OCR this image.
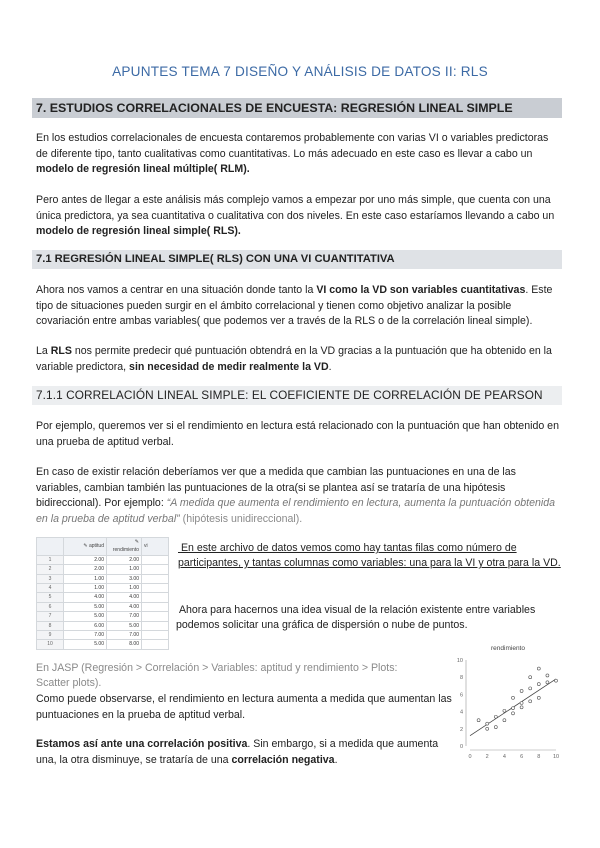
APUNTES TEMA 7 DISEÑO Y ANÁLISIS DE DATOS II: RLS
7. ESTUDIOS CORRELACIONALES DE ENCUESTA: REGRESIÓN LINEAL SIMPLE
En los estudios correlacionales de encuesta contaremos probablemente con varias VI o variables predictoras de diferente tipo, tanto cualitativas como cuantitativas. Lo más adecuado en este caso es llevar a cabo un modelo de regresión lineal múltiple( RLM).
Pero antes de llegar a este análisis más complejo vamos a empezar por uno más simple, que cuenta con una única predictora, ya sea cuantitativa o cualitativa con dos niveles. En este caso estaríamos llevando a cabo un modelo de regresión lineal simple( RLS).
7.1 REGRESIÓN LINEAL SIMPLE( RLS) CON UNA VI CUANTITATIVA
Ahora nos vamos a centrar en una situación donde tanto la VI como la VD son variables cuantitativas. Este tipo de situaciones pueden surgir en el ámbito correlacional y tienen como objetivo analizar la posible covariación entre ambas variables( que podemos ver a través de la RLS o de la correlación lineal simple).
La RLS nos permite predecir qué puntuación obtendrá en la VD gracias a la puntuación que ha obtenido en la variable predictora, sin necesidad de medir realmente la VD.
7.1.1 CORRELACIÓN LINEAL SIMPLE: EL COEFICIENTE DE CORRELACIÓN DE PEARSON
Por ejemplo, queremos ver si el rendimiento en lectura está relacionado con la puntuación que han obtenido en una prueba de aptitud verbal.
En caso de existir relación deberíamos ver que a medida que cambian las puntuaciones en una de las variables, cambian también las puntuaciones de la otra(si se plantea así se trataría de una hipótesis bidireccional). Por ejemplo: “A medida que aumenta el rendimiento en lectura, aumenta la puntuación obtenida en la prueba de aptitud verbal” (hipótesis unidireccional).
	✎ aptitud	✎ rendimiento	vi
1	2.00	2.00	
2	2.00	1.00	
3	1.00	3.00	
4	1.00	1.00	
5	4.00	4.00	
6	5.00	4.00	
7	5.00	7.00	
8	6.00	5.00	
9	7.00	7.00	
10	5.00	8.00	
En este archivo de datos vemos como hay tantas filas como número de participantes, y tantas columnas como variables: una para la VI y otra para la VD.
Ahora para hacernos una idea visual de la relación existente entre variables podemos solicitar una gráfica de dispersión o nube de puntos.
En JASP (Regresión > Correlación > Variables: aptitud y rendimiento > Plots: Scatter plots).
Como puede observarse, el rendimiento en lectura aumenta a medida que aumentan las puntuaciones en la prueba de aptitud verbal.
Estamos así ante una correlación positiva. Sin embargo, si a medida que aumenta una, la otra disminuye, se trataría de una correlación negativa.
rendimiento
0
2
4
6
8
10
0	2	4	6	8 10
